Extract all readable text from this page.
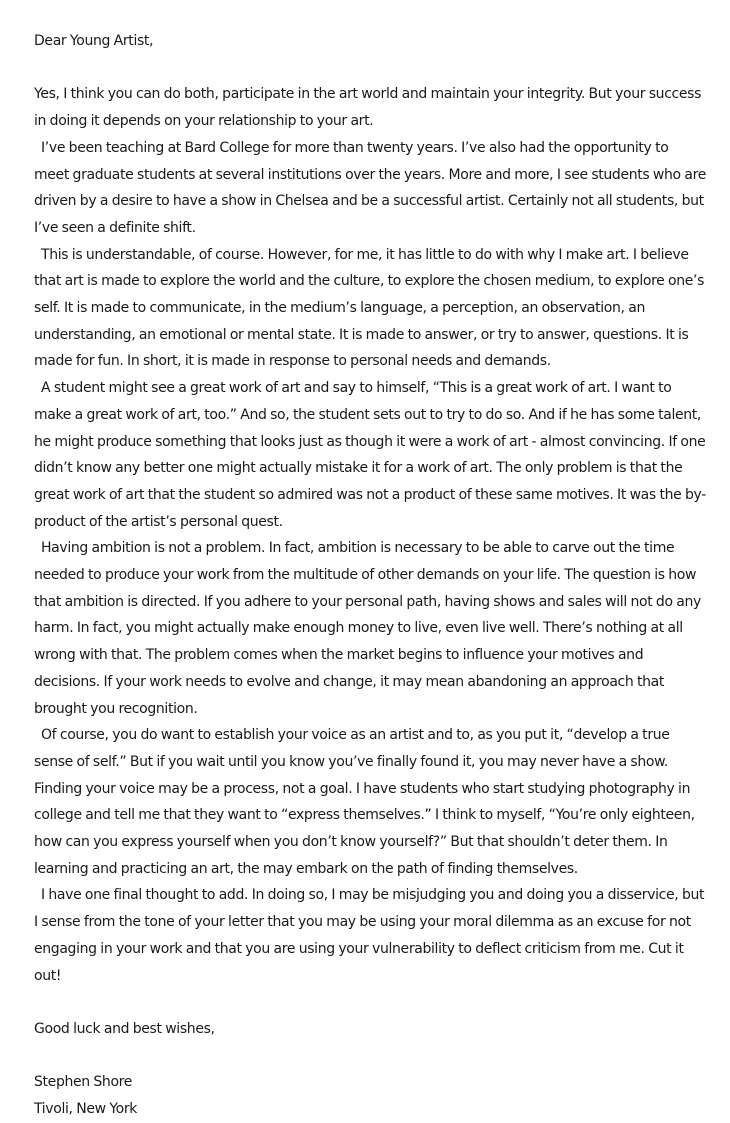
Dear Young Artist,

Yes, I think you can do both, participate in the art world and maintain your integrity. But your success in doing it depends on your relationship to your art.

I’ve been teaching at Bard College for more than twenty years. I’ve also had the opportunity to meet graduate students at several institutions over the years. More and more, I see students who are driven by a desire to have a show in Chelsea and be a successful artist. Certainly not all students, but I’ve seen a definite shift.

This is understandable, of course. However, for me, it has little to do with why I make art. I believe that art is made to explore the world and the culture, to explore the chosen medium, to explore one’s self. It is made to communicate, in the medium’s language, a perception, an observation, an understanding, an emotional or mental state. It is made to answer, or try to answer, questions. It is made for fun. In short, it is made in response to personal needs and demands.

A student might see a great work of art and say to himself, “This is a great work of art. I want to make a great work of art, too.” And so, the student sets out to try to do so. And if he has some talent, he might produce something that looks just as though it were a work of art - almost convincing. If one didn’t know any better one might actually mistake it for a work of art. The only problem is that the great work of art that the student so admired was not a product of these same motives. It was the by-product of the artist’s personal quest.

Having ambition is not a problem. In fact, ambition is necessary to be able to carve out the time needed to produce your work from the multitude of other demands on your life. The question is how that ambition is directed. If you adhere to your personal path, having shows and sales will not do any harm. In fact, you might actually make enough money to live, even live well. There’s nothing at all wrong with that. The problem comes when the market begins to influence your motives and decisions. If your work needs to evolve and change, it may mean abandoning an approach that brought you recognition.

Of course, you do want to establish your voice as an artist and to, as you put it, “develop a true sense of self.” But if you wait until you know you’ve finally found it, you may never have a show. Finding your voice may be a process, not a goal. I have students who start studying photography in college and tell me that they want to “express themselves.” I think to myself, “You’re only eighteen, how can you express yourself when you don’t know yourself?” But that shouldn’t deter them. In learning and practicing an art, the may embark on the path of finding themselves.

I have one final thought to add. In doing so, I may be misjudging you and doing you a disservice, but I sense from the tone of your letter that you may be using your moral dilemma as an excuse for not engaging in your work and that you are using your vulnerability to deflect criticism from me. Cut it out!

Good luck and best wishes,

Stephen Shore

Tivoli, New York
